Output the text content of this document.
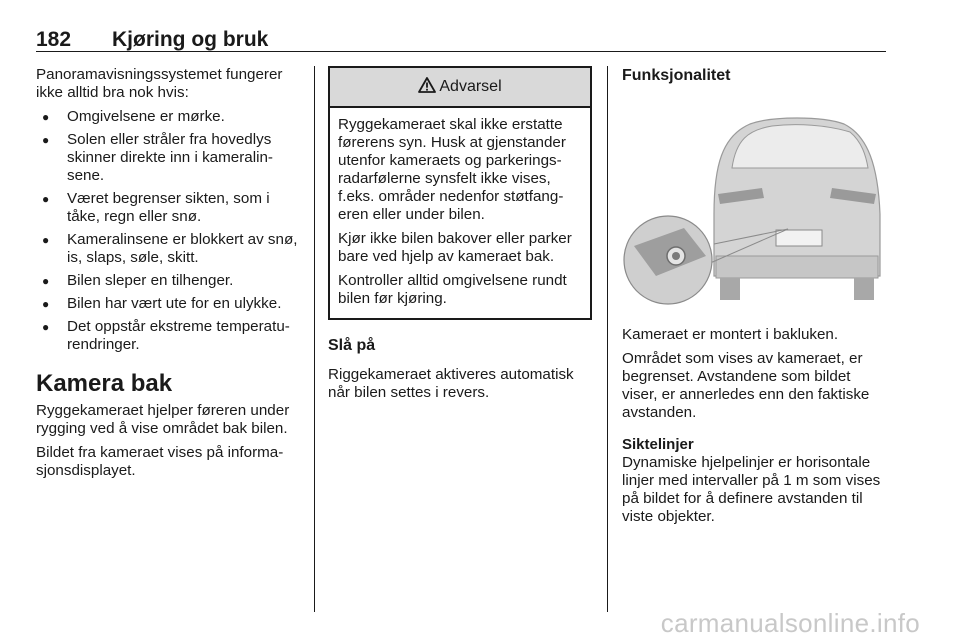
182 Kjøring og bruk

Panoramavisningssystemet fungerer ikke alltid bra nok hvis:

● Omgivelsene er mørke.
● Solen eller stråler fra hovedlys skinner direkte inn i kameralin-sene.
● Været begrenser sikten, som i tåke, regn eller snø.
● Kameralinsene er blokkert av snø, is, slaps, søle, skitt.
● Bilen sleper en tilhenger.
● Bilen har vært ute for en ulykke.
● Det oppstår ekstreme temperatu-rendringer.
Kamera bak

Ryggekameraet hjelper føreren under rygging ved å vise området bak bilen.

Bildet fra kameraet vises på informa-sjonsdisplayet.

Advarsel

Ryggekameraet skal ikke erstatte førerens syn. Husk at gjenstander utenfor kameraets og parkerings-radarfølerne synsfelt ikke vises, f.eks. områder nedenfor støtfang-eren eller under bilen.

Kjør ikke bilen bakover eller parker bare ved hjelp av kameraet bak.

Kontroller alltid omgivelsene rundt bilen før kjøring.

Slå på

Riggekameraet aktiveres automatisk når bilen settes i revers.

Funksjonalitet

Kameraet er montert i bakluken.

Området som vises av kameraet, er begrenset. Avstandene som bildet viser, er annerledes enn den faktiske avstanden.

Siktelinjer

Dynamiske hjelpelinjer er horisontale linjer med intervaller på 1 m som vises på bildet for å definere avstanden til viste objekter.

carmanualsonline.info
